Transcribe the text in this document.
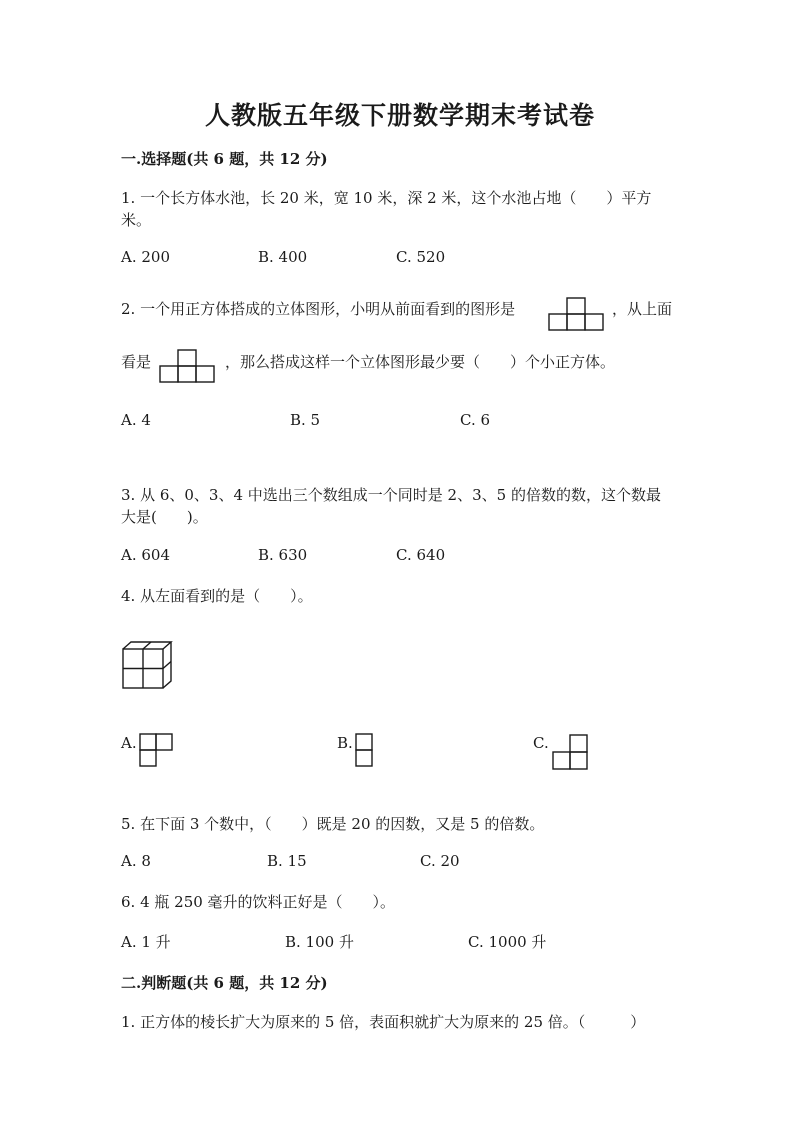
人教版五年级下册数学期末考试卷
一.选择题(共 6 题，共 12 分)
1. 一个长方体水池，长 20 米，宽 10 米，深 2 米，这个水池占地（　　）平方
米。
A. 200	B. 400	C. 520
2. 一个用正方体搭成的立体图形，小明从前面看到的图形是	，从上面
看是	，那么搭成这样一个立体图形最少要（　　）个小正方体。
A. 4	B. 5	C. 6
3. 从 6、0、3、4 中选出三个数组成一个同时是 2、3、5 的倍数的数，这个数最
大是(　　)。
A. 604	B. 630	C. 640
4. 从左面看到的是（　　）。
A.	B.	C.
5. 在下面 3 个数中，（　　）既是 20 的因数，又是 5 的倍数。
A. 8	B. 15	C. 20
6. 4 瓶 250 毫升的饮料正好是（　　）。
A. 1 升	B. 100 升	C. 1000 升
二.判断题(共 6 题，共 12 分)
1. 正方体的棱长扩大为原来的 5 倍，表面积就扩大为原来的 25 倍。（　　　）
